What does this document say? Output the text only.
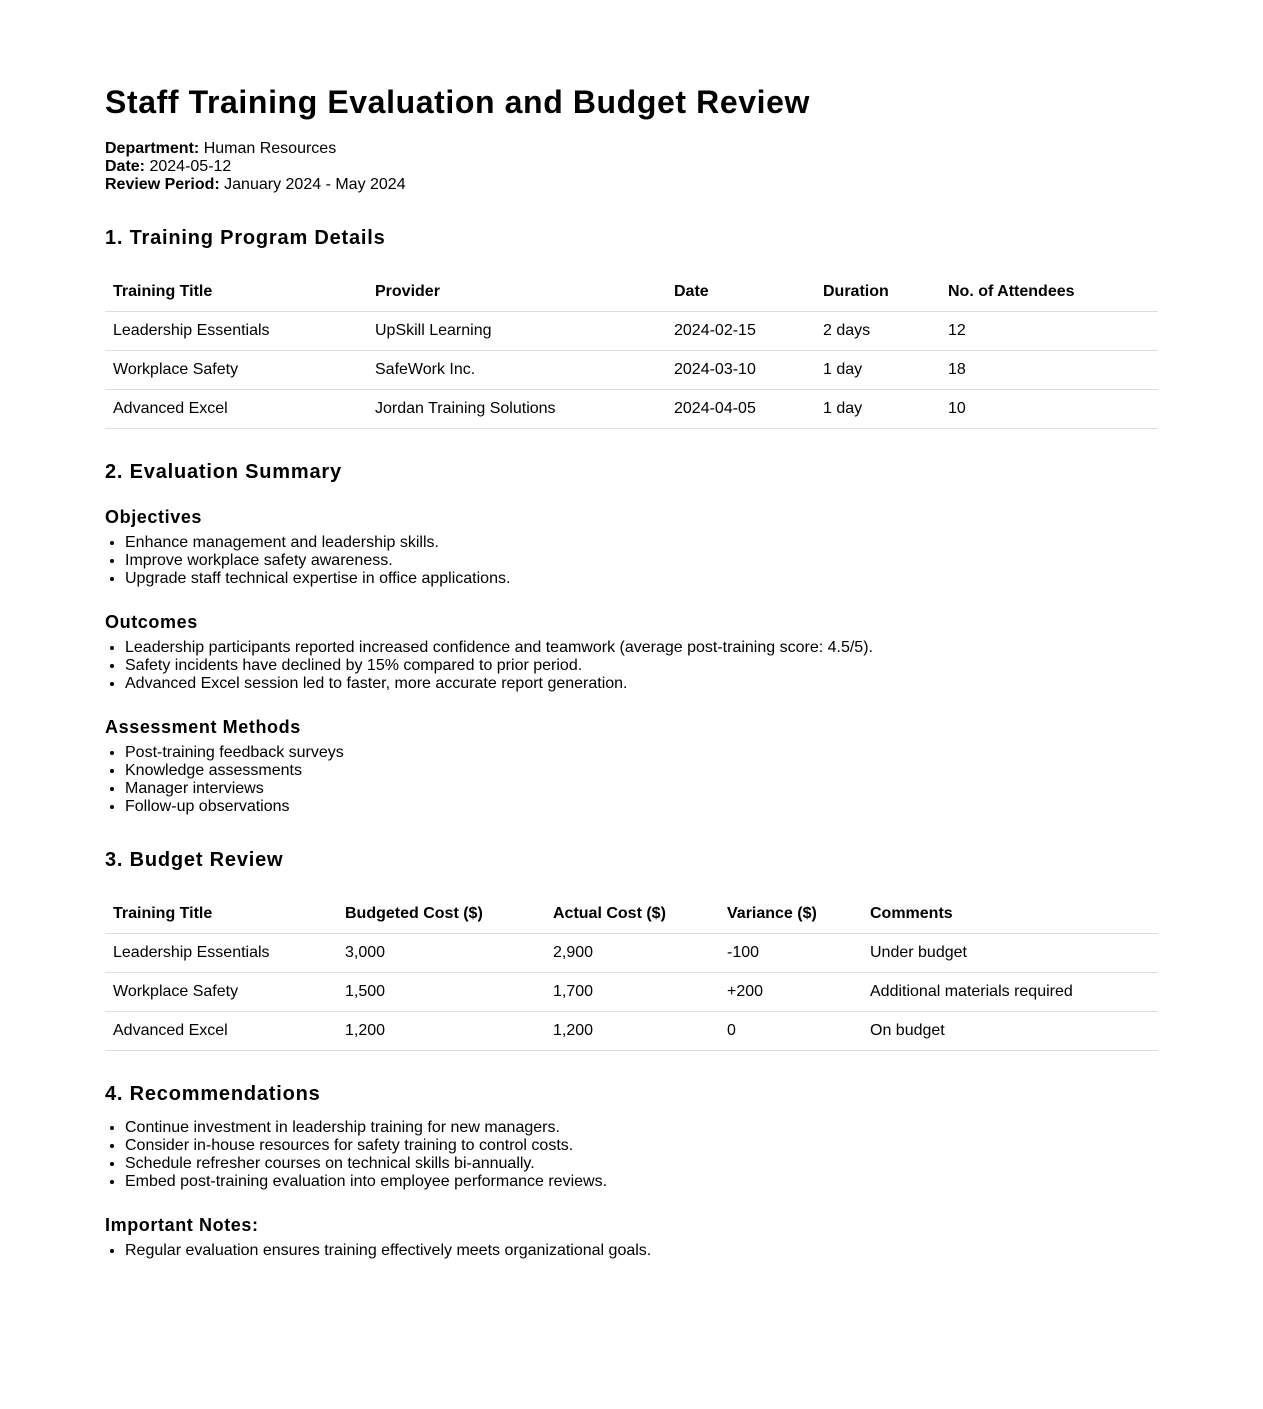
Staff Training Evaluation and Budget Review
Department: Human Resources
Date: 2024-05-12
Review Period: January 2024 - May 2024
1. Training Program Details
Training Title	Provider	Date	Duration	No. of Attendees
Leadership Essentials	UpSkill Learning	2024-02-15	2 days	12
Workplace Safety	SafeWork Inc.	2024-03-10	1 day	18
Advanced Excel	Jordan Training Solutions	2024-04-05	1 day	10
2. Evaluation Summary
Objectives
• Enhance management and leadership skills.
• Improve workplace safety awareness.
• Upgrade staff technical expertise in office applications.
Outcomes
• Leadership participants reported increased confidence and teamwork (average post-training score: 4.5/5).
• Safety incidents have declined by 15% compared to prior period.
• Advanced Excel session led to faster, more accurate report generation.
Assessment Methods
• Post-training feedback surveys
• Knowledge assessments
• Manager interviews
• Follow-up observations
3. Budget Review
Training Title	Budgeted Cost ($)	Actual Cost ($)	Variance ($)	Comments
Leadership Essentials	3,000	2,900	-100	Under budget
Workplace Safety	1,500	1,700	+200	Additional materials required
Advanced Excel	1,200	1,200	0	On budget
4. Recommendations
• Continue investment in leadership training for new managers.
• Consider in-house resources for safety training to control costs.
• Schedule refresher courses on technical skills bi-annually.
• Embed post-training evaluation into employee performance reviews.
Important Notes:
• Regular evaluation ensures training effectively meets organizational goals.
